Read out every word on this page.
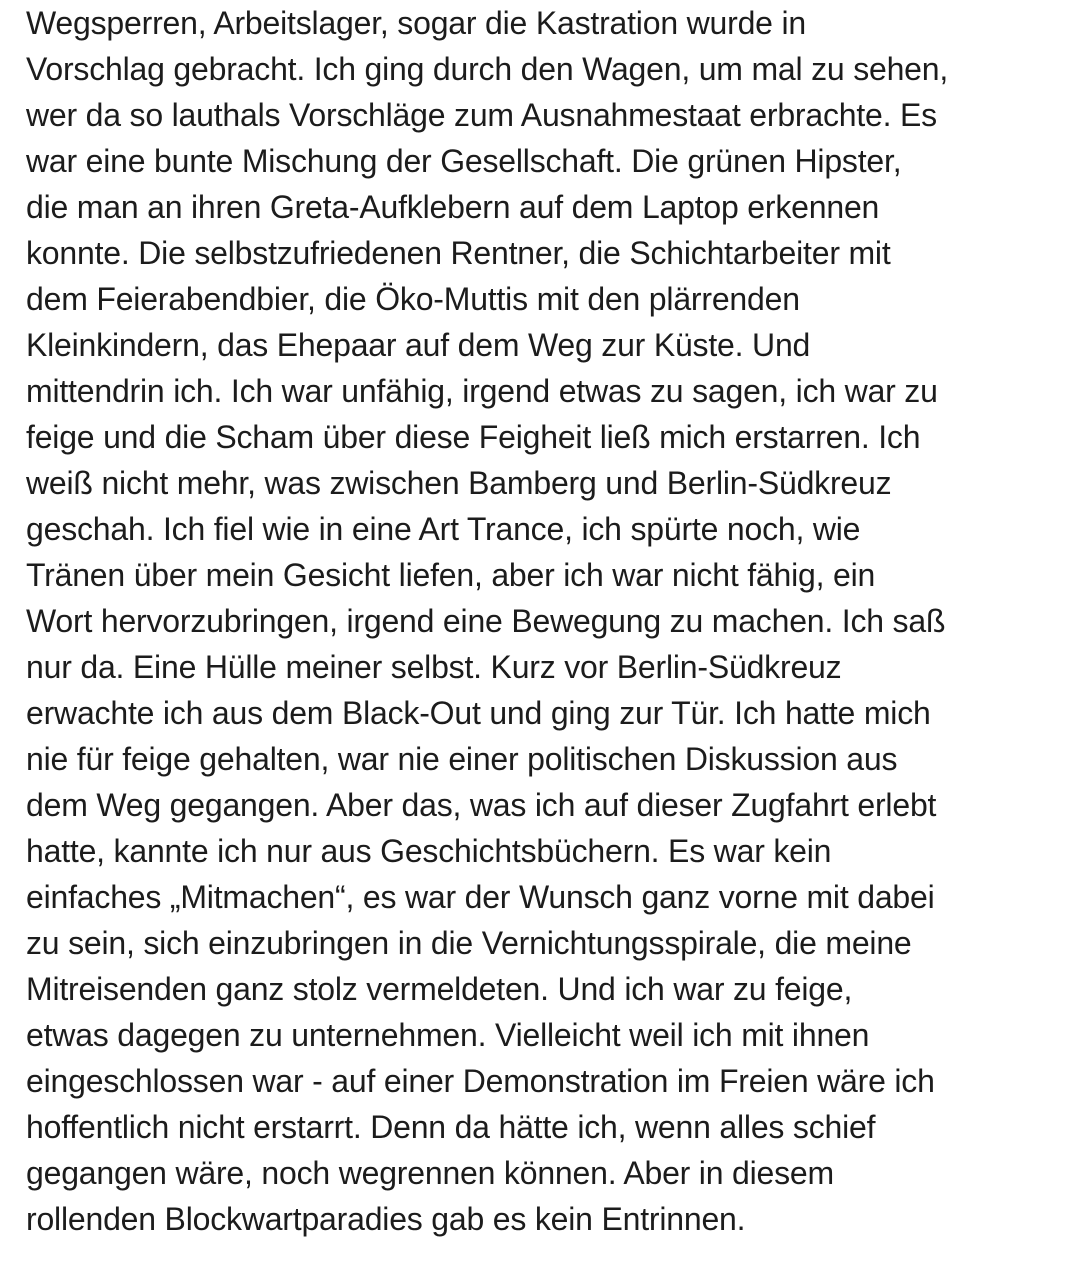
Wegsperren, Arbeitslager, sogar die Kastration wurde in
Vorschlag gebracht. Ich ging durch den Wagen, um mal zu sehen,
wer da so lauthals Vorschläge zum Ausnahmestaat erbrachte. Es
war eine bunte Mischung der Gesellschaft. Die grünen Hipster,
die man an ihren Greta-Aufklebern auf dem Laptop erkennen
konnte. Die selbstzufriedenen Rentner, die Schichtarbeiter mit
dem Feierabendbier, die Öko-Muttis mit den plärrenden
Kleinkindern, das Ehepaar auf dem Weg zur Küste. Und
mittendrin ich. Ich war unfähig, irgend etwas zu sagen, ich war zu
feige und die Scham über diese Feigheit ließ mich erstarren. Ich
weiß nicht mehr, was zwischen Bamberg und Berlin-Südkreuz
geschah. Ich fiel wie in eine Art Trance, ich spürte noch, wie
Tränen über mein Gesicht liefen, aber ich war nicht fähig, ein
Wort hervorzubringen, irgend eine Bewegung zu machen. Ich saß
nur da. Eine Hülle meiner selbst. Kurz vor Berlin-Südkreuz
erwachte ich aus dem Black-Out und ging zur Tür. Ich hatte mich
nie für feige gehalten, war nie einer politischen Diskussion aus
dem Weg gegangen. Aber das, was ich auf dieser Zugfahrt erlebt
hatte, kannte ich nur aus Geschichtsbüchern. Es war kein
einfaches „Mitmachen“, es war der Wunsch ganz vorne mit dabei
zu sein, sich einzubringen in die Vernichtungsspirale, die meine
Mitreisenden ganz stolz vermeldeten. Und ich war zu feige,
etwas dagegen zu unternehmen. Vielleicht weil ich mit ihnen
eingeschlossen war - auf einer Demonstration im Freien wäre ich
hoffentlich nicht erstarrt. Denn da hätte ich, wenn alles schief
gegangen wäre, noch wegrennen können. Aber in diesem
rollenden Blockwartparadies gab es kein Entrinnen.
